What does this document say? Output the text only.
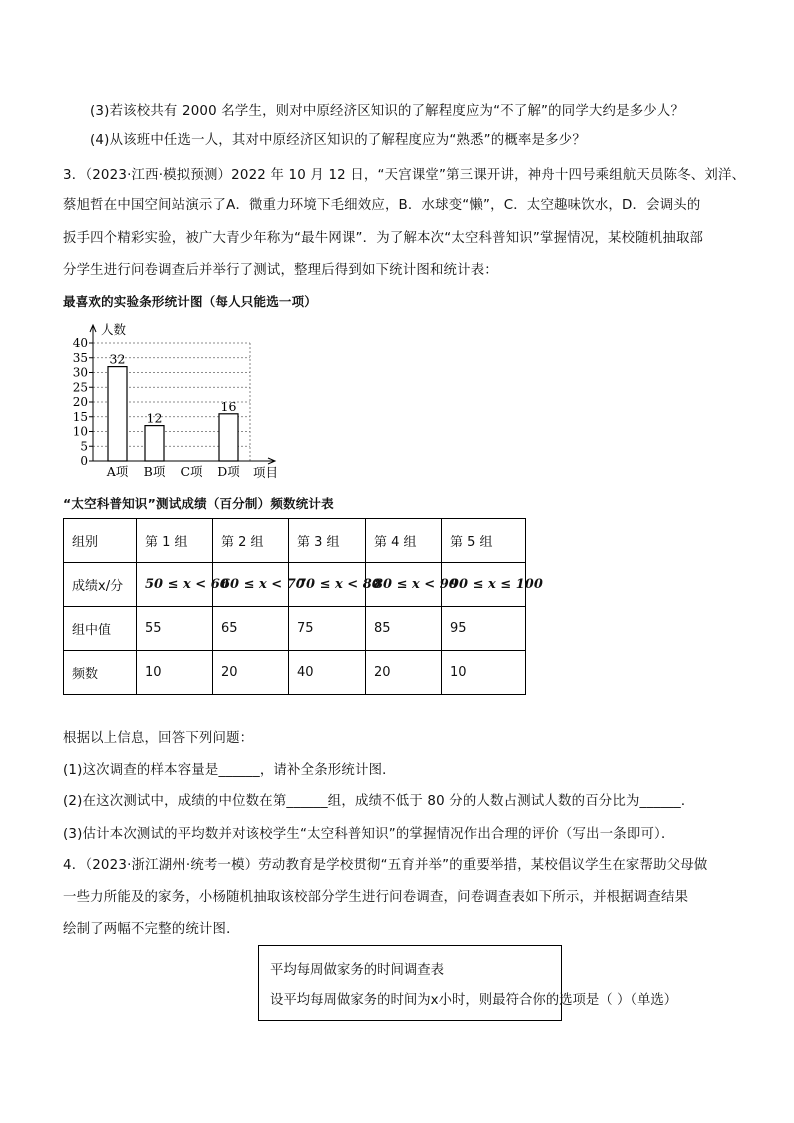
(3)若该校共有 2000 名学生，则对中原经济区知识的了解程度应为“不了解”的同学大约是多少人？
(4)从该班中任选一人，其对中原经济区知识的了解程度应为“熟悉”的概率是多少？
3．（2023·江西·模拟预测）2022 年 10 月 12 日，“天宫课堂”第三课开讲，神舟十四号乘组航天员陈冬、刘洋、
蔡旭哲在中国空间站演示了A．微重力环境下毛细效应，B．水球变“懒”，C．太空趣味饮水，D．会调头的
扳手四个精彩实验，被广大青少年称为“最牛网课”．为了解本次“太空科普知识”掌握情况，某校随机抽取部
分学生进行问卷调查后并举行了测试，整理后得到如下统计图和统计表：
最喜欢的实验条形统计图（每人只能选一项）
0
5
10
15
20
25
30
35
40
人数
项目
A项
32
B项
12
C项 D项
16
“太空科普知识”测试成绩（百分制）频数统计表
组别	第 1 组	第 2 组	第 3 组	第 4 组	第 5 组
成绩x/分	50 ≤ x < 60	60 ≤ x < 70	70 ≤ x < 80	80 ≤ x < 90	90 ≤ x ≤ 100
组中值	55	65	75	85	95
频数	10	20	40	20	10
根据以上信息，回答下列问题：
(1)这次调查的样本容量是______，请补全条形统计图．
(2)在这次测试中，成绩的中位数在第______组，成绩不低于 80 分的人数占测试人数的百分比为______．
(3)估计本次测试的平均数并对该校学生“太空科普知识”的掌握情况作出合理的评价（写出一条即可）．
4．（2023·浙江湖州·统考一模）劳动教育是学校贯彻“五育并举”的重要举措，某校倡议学生在家帮助父母做
一些力所能及的家务，小杨随机抽取该校部分学生进行问卷调查，问卷调查表如下所示，并根据调查结果
绘制了两幅不完整的统计图．
平均每周做家务的时间调查表
设平均每周做家务的时间为x小时，则最符合你的选项是（ ）（单选）
